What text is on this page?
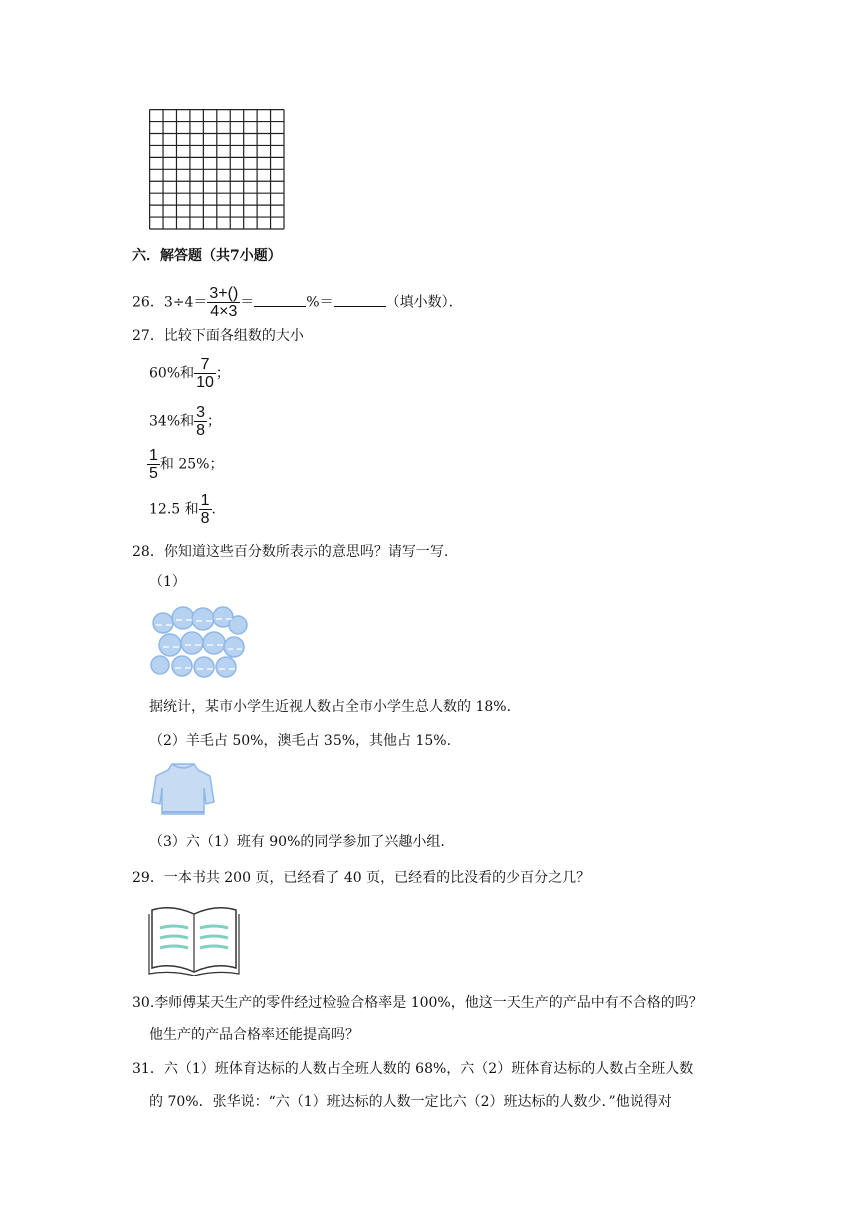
六．解答题（共7小题）
26．$3\div 4= \frac{3+()}{4\times 3}$ ＝	%＝	（填小数）．
27．比较下面各组数的大小
60%和 $\frac{7}{10}$ ；
34%和 $\frac{3}{8}$ ；
$\frac{1}{5}$ 和 25%；
12.5 和 $\frac{1}{8}$ .
28．你知道这些百分数所表示的意思吗？请写一写.
（1）
据统计，某市小学生近视人数占全市小学生总人数的 18%.
（2）羊毛占 50%，澳毛占 35%，其他占 15%.
（3）六（1）班有 90%的同学参加了兴趣小组.
29．一本书共 200 页，已经看了 40 页，已经看的比没看的少百分之几？
30.李师傅某天生产的零件经过检验合格率是 100%，他这一天生产的产品中有不合格的吗？
他生产的产品合格率还能提高吗？
31．六（1）班体育达标的人数占全班人数的 68%，六（2）班体育达标的人数占全班人数
的 70%．张华说：“六（1）班达标的人数一定比六（2）班达标的人数少．”他说得对
